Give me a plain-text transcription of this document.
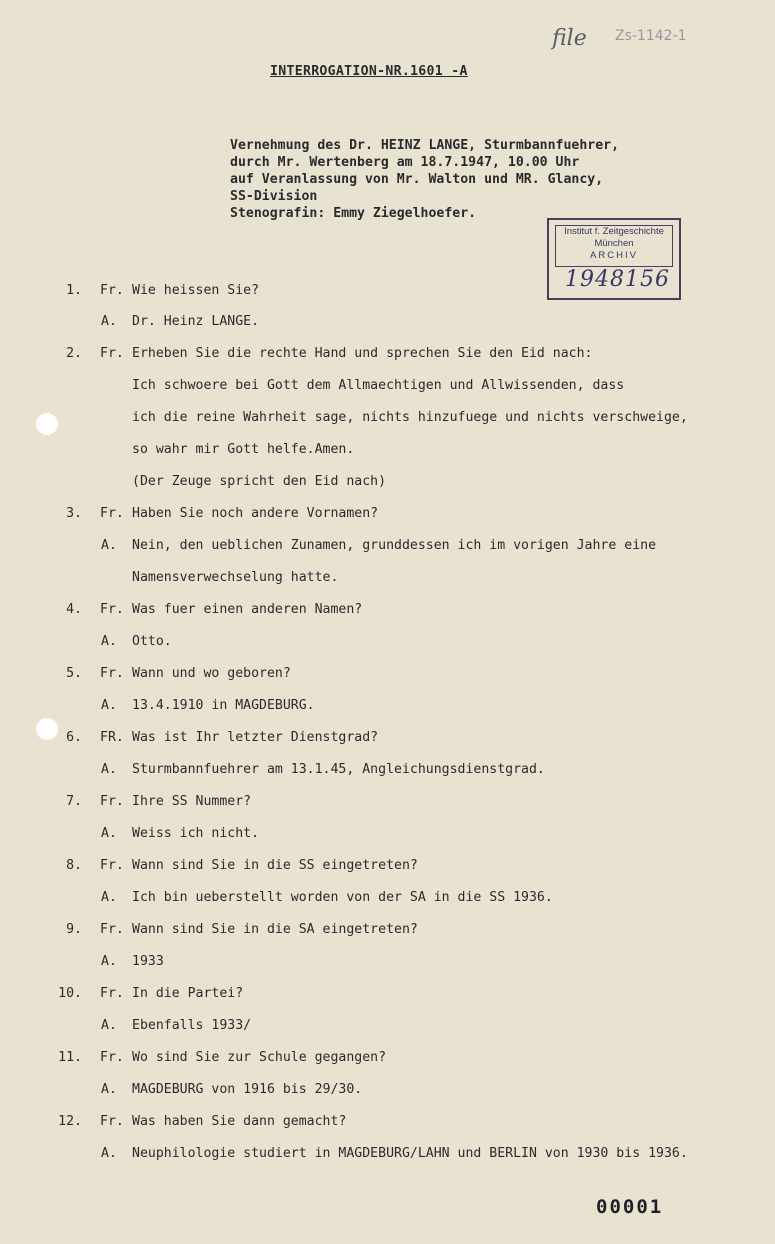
file Zs-1142-1
INTERROGATION-NR.1601 -A
Vernehmung des Dr. HEINZ LANGE, Sturmbannfuehrer,
durch Mr. Wertenberg am 18.7.1947, 10.00 Uhr
auf Veranlassung von Mr. Walton und MR. Glancy,
SS-Division
Stenografin: Emmy Ziegelhoefer.
Institut f. Zeitgeschichte
München
ARCHIV
1948156
1. Fr. Wie heissen Sie?
A. Dr. Heinz LANGE.
2. Fr. Erheben Sie die rechte Hand und sprechen Sie den Eid nach:
Ich schwoere bei Gott dem Allmaechtigen und Allwissenden, dass
ich die reine Wahrheit sage, nichts hinzufuege und nichts verschweige,
so wahr mir Gott helfe.Amen.
(Der Zeuge spricht den Eid nach)
3. Fr. Haben Sie noch andere Vornamen?
A. Nein, den ueblichen Zunamen, grunddessen ich im vorigen Jahre eine
Namensverwechselung hatte.
4. Fr. Was fuer einen anderen Namen?
A. Otto.
5. Fr. Wann und wo geboren?
A. 13.4.1910 in MAGDEBURG.
6. FR. Was ist Ihr letzter Dienstgrad?
A. Sturmbannfuehrer am 13.1.45, Angleichungsdienstgrad.
7. Fr. Ihre SS Nummer?
A. Weiss ich nicht.
8. Fr. Wann sind Sie in die SS eingetreten?
A. Ich bin ueberstellt worden von der SA in die SS 1936.
9. Fr. Wann sind Sie in die SA eingetreten?
A. 1933
10. Fr. In die Partei?
A. Ebenfalls 1933/
11. Fr. Wo sind Sie zur Schule gegangen?
A. MAGDEBURG von 1916 bis 29/30.
12. Fr. Was haben Sie dann gemacht?
A. Neuphilologie studiert in MAGDEBURG/LAHN und BERLIN von 1930 bis 1936.
00001
